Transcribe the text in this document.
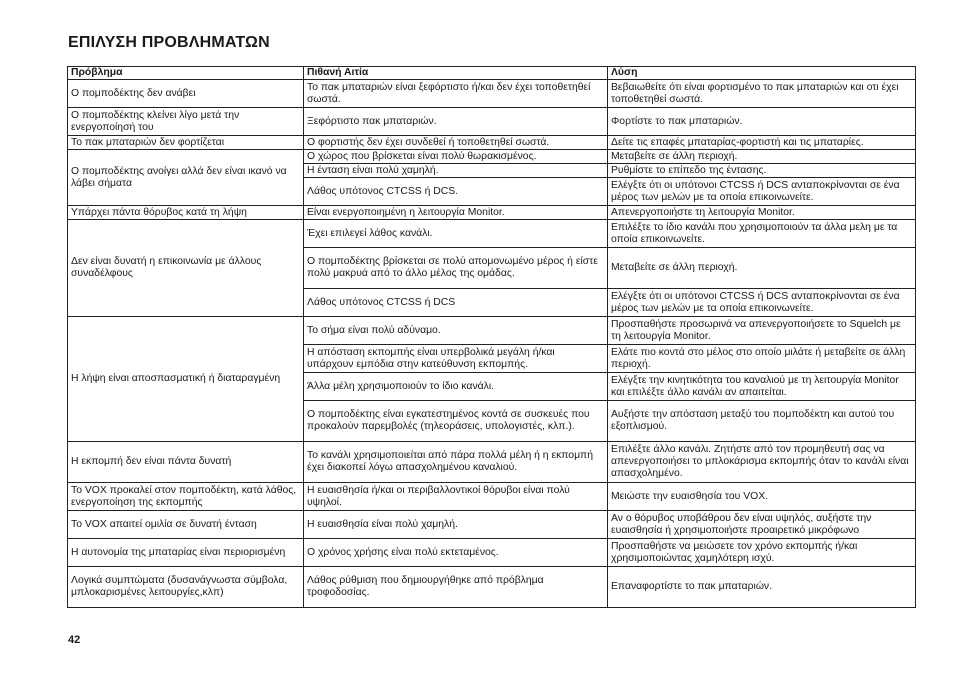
ΕΠΙΛΥΣΗ ΠΡΟΒΛΗΜΑΤΩΝ
Πρόβλημα	Πιθανή Αιτία	Λύση
Ο πομποδέκτης δεν ανάβει	Το πακ μπαταριών είναι ξεφόρτιστο ή/και δεν έχει τοποθετηθεί σωστά.	Βεβαιωθείτε ότι είναι φορτισμένο το πακ μπαταριών και οτι έχει τοποθετηθεί σωστά.
Ο πομποδέκτης κλείνει λίγο μετά την ενεργοποίησή του	Ξεφόρτιστο πακ μπαταριών.	Φορτίστε το πακ μπαταριών.
Το πακ μπαταριών δεν φορτίζεται	Ο φορτιστής δεν έχει συνδεθεί ή τοποθετηθεί σωστά.	Δείτε τις επαφές μπαταρίας-φορτιστή και τις μπαταρίες.
Ο πομποδέκτης ανοίγει αλλά δεν είναι ικανό να λάβει σήματα	Ο χώρος που βρίσκεται είναι πολύ θωρακισμένος.	Μεταβείτε σε άλλη περιοχή.
	Η ένταση είναι πολύ χαμηλή.	Ρυθμίστε το επίπεδο της έντασης.
	Λάθος υπότονος CTCSS ή DCS.	Ελέγξτε ότι οι υπότονοι CTCSS ή DCS ανταποκρίνονται σε ένα μέρος των μελών με τα οποία επικοινωνείτε.
Υπάρχει πάντα θόρυβος κατά τη λήψη	Είναι ενεργοποιημένη η λειτουργία Monitor.	Απενεργοποιήστε τη λειτουργία Monitor.
Δεν είναι δυνατή η επικοινωνία με άλλους συναδέλφους	Έχει επιλεγεί λάθος κανάλι.	Επιλέξτε το ίδιο κανάλι που χρησιμοποιούν τα άλλα μελη με τα οποία επικοινωνείτε.
	Ο πομποδέκτης βρίσκεται σε πολύ απομονωμένο μέρος ή είστε πολύ μακρυά από το άλλο μέλος της ομάδας.	Μεταβείτε σε άλλη περιοχή.
	Λάθος υπότονος CTCSS ή DCS	Ελέγξτε ότι οι υπότονοι CTCSS ή DCS ανταποκρίνονται σε ένα μέρος των μελών με τα οποία επικοινωνείτε.
Η λήψη είναι αποσπασματική ή διαταραγμένη	Το σήμα είναι πολύ αδύναμο.	Προσπαθήστε προσωρινά να απενεργοποιήσετε το Squelch με τη λειτουργία Monitor.
	Η απόσταση εκπομπής είναι υπερβολικά μεγάλη ή/και υπάρχουν εμπόδια στην κατεύθυνση εκπομπής.	Ελάτε πιο κοντά στο μέλος στο οποίο μιλάτε ή μεταβείτε σε άλλη περιοχή.
	Άλλα μέλη χρησιμοποιούν το ίδιο κανάλι.	Ελέγξτε την κινητικότητα του καναλιού με τη λειτουργία Monitor και επιλέξτε άλλο κανάλι αν απαιτείται.
	Ο πομποδέκτης είναι εγκατεστημένος κοντά σε συσκευές που προκαλούν παρεμβολές (τηλεοράσεις, υπολογιστές, κλπ.).	Αυξήστε την απόσταση μεταξύ του πομποδέκτη και αυτού του εξοπλισμού.
Η εκπομπή δεν είναι πάντα δυνατή	Το κανάλι χρησιμοποιείται από πάρα πολλά μέλη ή η εκπομπή έχει διακοπεί λόγω απασχολημένου καναλιού.	Επιλέξτε άλλο κανάλι. Ζητήστε από τον προμηθευτή σας να απενεργοποιήσει το μπλοκάρισμα εκπομπής όταν το κανάλι είναι απασχολημένο.
Το VOX προκαλεί στον πομποδέκτη, κατά λάθος, ενεργοποίηση της εκπομπής	Η ευαισθησία ή/και οι περιβαλλοντικοί θόρυβοι είναι πολύ υψηλοί.	Μειώστε την ευαισθησία του VOX.
Το VOX απαιτεί ομιλία σε δυνατή ένταση	Η ευαισθησία είναι πολύ χαμηλή.	Αν ο θόρυβος υποβάθρου δεν είναι υψηλός, αυξήστε την ευαισθησία ή χρησιμοποιήστε προαιρετικό μικρόφωνο
Η αυτονομία της μπαταρίας είναι περιορισμένη	Ο χρόνος χρήσης είναι πολύ εκτεταμένος.	Προσπαθήστε να μειώσετε τον χρόνο εκπομπής ή/και χρησιμοποιώντας χαμηλότερη ισχύ.
Λογικά συμπτώματα (δυσανάγνωστα σύμβολα, μπλοκαρισμένες λειτουργίες,κλπ)	Λάθος ρύθμιση που δημιουργήθηκε από πρόβλημα τροφοδοσίας.	Επαναφορτίστε το πακ μπαταριών.
42
